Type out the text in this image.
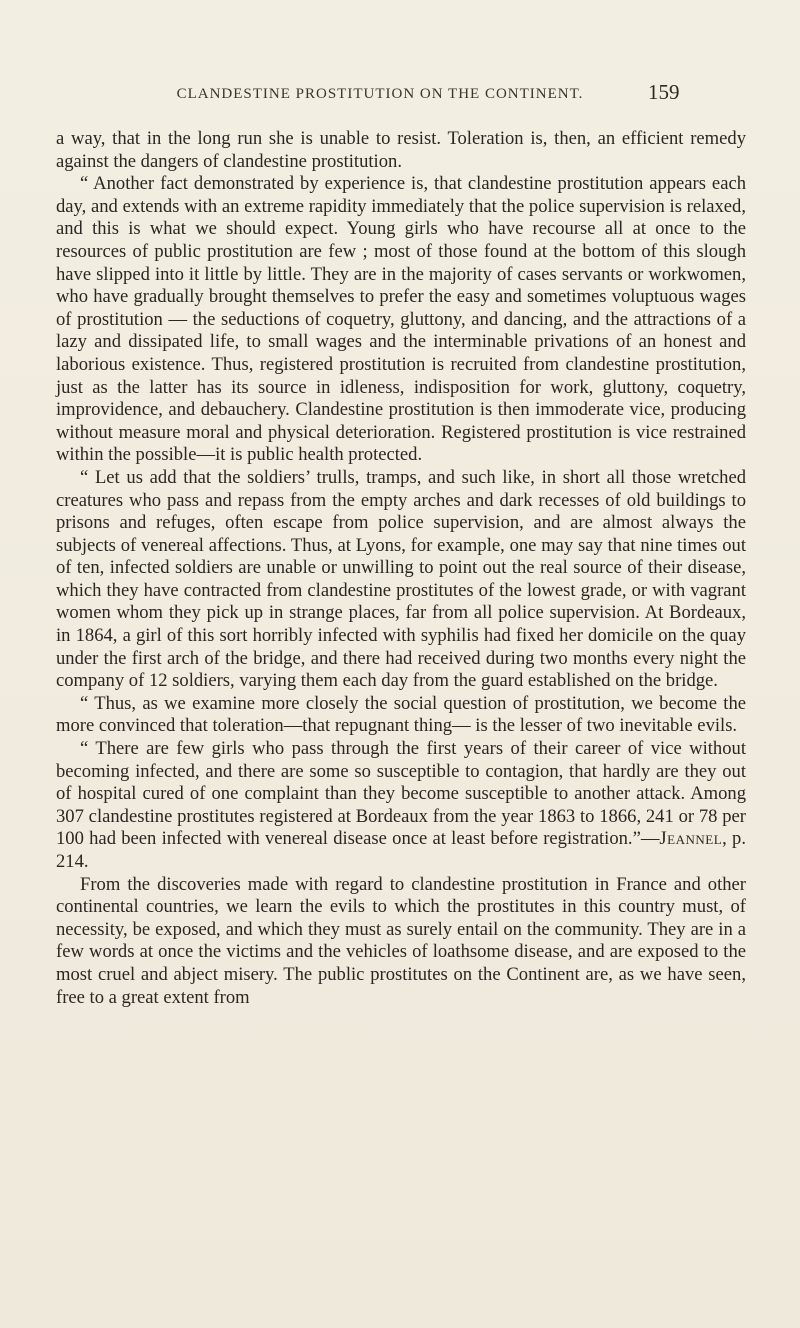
CLANDESTINE PROSTITUTION ON THE CONTINENT.	159

a way, that in the long run she is unable to resist. Toleration is, then, an efficient remedy against the dangers of clandestine prostitution.

“ Another fact demonstrated by experience is, that clandestine prostitution appears each day, and extends with an extreme rapidity immediately that the police supervision is relaxed, and this is what we should expect. Young girls who have recourse all at once to the resources of public prostitution are few ; most of those found at the bottom of this slough have slipped into it little by little. They are in the majority of cases servants or workwomen, who have gradually brought themselves to prefer the easy and sometimes voluptuous wages of prostitution — the seductions of coquetry, gluttony, and dancing, and the attractions of a lazy and dissipated life, to small wages and the interminable privations of an honest and laborious existence. Thus, registered prostitution is recruited from clandestine prostitution, just as the latter has its source in idleness, indisposition for work, gluttony, coquetry, improvidence, and debauchery. Clandestine prostitution is then immoderate vice, producing without measure moral and physical deterioration. Registered prostitution is vice restrained within the possible—it is public health protected.

“ Let us add that the soldiers’ trulls, tramps, and such like, in short all those wretched creatures who pass and repass from the empty arches and dark recesses of old buildings to prisons and refuges, often escape from police supervision, and are almost always the subjects of venereal affections. Thus, at Lyons, for example, one may say that nine times out of ten, infected soldiers are unable or unwilling to point out the real source of their disease, which they have contracted from clandestine prostitutes of the lowest grade, or with vagrant women whom they pick up in strange places, far from all police supervision. At Bordeaux, in 1864, a girl of this sort horribly infected with syphilis had fixed her domicile on the quay under the first arch of the bridge, and there had received during two months every night the company of 12 soldiers, varying them each day from the guard established on the bridge.

“ Thus, as we examine more closely the social question of prostitution, we become the more convinced that toleration—that repugnant thing— is the lesser of two inevitable evils.

“ There are few girls who pass through the first years of their career of vice without becoming infected, and there are some so susceptible to contagion, that hardly are they out of hospital cured of one complaint than they become susceptible to another attack. Among 307 clandestine prostitutes registered at Bordeaux from the year 1863 to 1866, 241 or 78 per 100 had been infected with venereal disease once at least before registration.”—Jeannel, p. 214.

From the discoveries made with regard to clandestine prostitution in France and other continental countries, we learn the evils to which the prostitutes in this country must, of necessity, be exposed, and which they must as surely entail on the community. They are in a few words at once the victims and the vehicles of loathsome disease, and are exposed to the most cruel and abject misery. The public prostitutes on the Continent are, as we have seen, free to a great extent from
